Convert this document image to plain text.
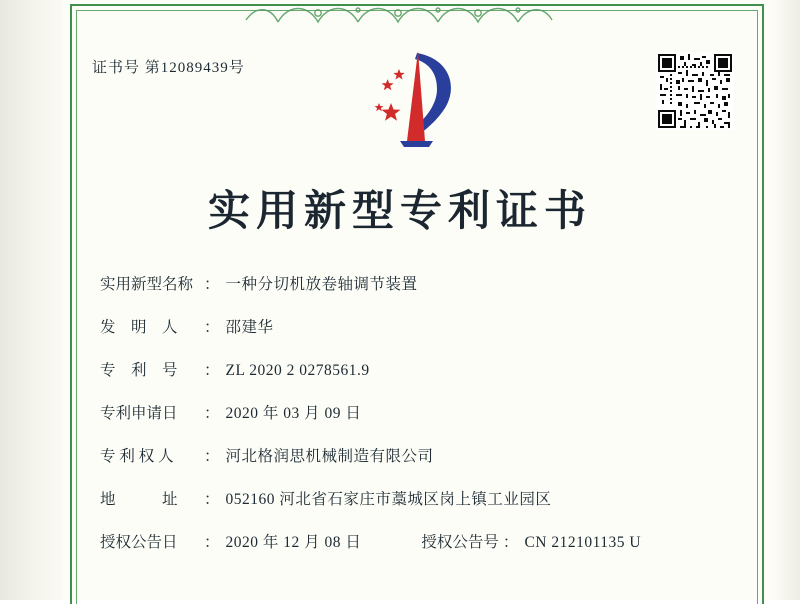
证书号 第12089439号
实用新型专利证书
实用新型名称 ： 一种分切机放卷轴调节装置
发　明　人	： 邵建华
专　利　号	： ZL 2020 2 0278561.9
专利申请日	： 2020 年 03 月 09 日
专 利 权 人	： 河北格润思机械制造有限公司
地　　　址	： 052160 河北省石家庄市藁城区岗上镇工业园区
授权公告日	： 2020 年 12 月 08 日	授权公告号 ： CN 212101135 U
